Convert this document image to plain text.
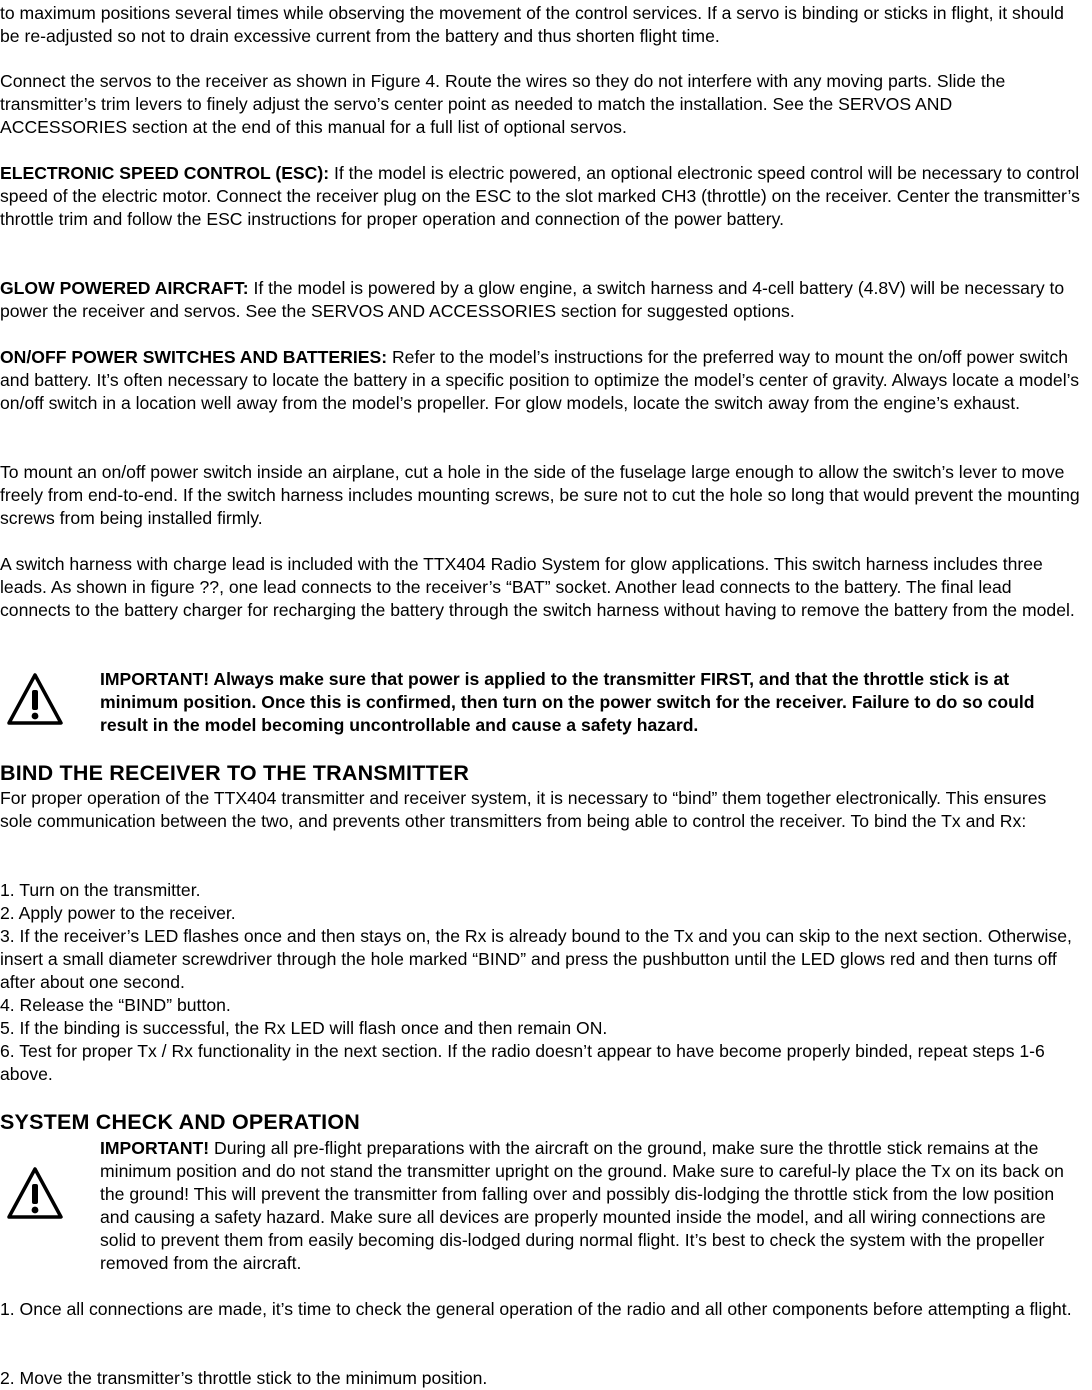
to maximum positions several times while observing the movement of the control services. If a servo is binding or sticks in flight, it should be re-adjusted so not to drain excessive current from the battery and thus shorten flight time.

Connect the servos to the receiver as shown in Figure 4. Route the wires so they do not interfere with any moving parts. Slide the transmitter’s trim levers to finely adjust the servo’s center point as needed to match the installation. See the SERVOS AND ACCESSORIES section at the end of this manual for a full list of optional servos.

ELECTRONIC SPEED CONTROL (ESC): If the model is electric powered, an optional electronic speed control will be necessary to control speed of the electric motor. Connect the receiver plug on the ESC to the slot marked CH3 (throttle) on the receiver. Center the transmitter’s throttle trim and follow the ESC instructions for proper operation and connection of the power battery.

GLOW POWERED AIRCRAFT: If the model is powered by a glow engine, a switch harness and 4-cell battery (4.8V) will be necessary to power the receiver and servos. See the SERVOS AND ACCESSORIES section for suggested options.

ON/OFF POWER SWITCHES AND BATTERIES: Refer to the model’s instructions for the preferred way to mount the on/off power switch and battery. It’s often necessary to locate the battery in a specific position to optimize the model’s center of gravity. Always locate a model’s on/off switch in a location well away from the model’s propeller. For glow models, locate the switch away from the engine’s exhaust.

To mount an on/off power switch inside an airplane, cut a hole in the side of the fuselage large enough to allow the switch’s lever to move freely from end-to-end. If the switch harness includes mounting screws, be sure not to cut the hole so long that would prevent the mounting screws from being installed firmly.

A switch harness with charge lead is included with the TTX404 Radio System for glow applications. This switch harness includes three leads. As shown in figure ??, one lead connects to the receiver’s “BAT” socket. Another lead connects to the battery. The final lead connects to the battery charger for recharging the battery through the switch harness without having to remove the battery from the model.

IMPORTANT! Always make sure that power is applied to the transmitter FIRST, and that the throttle stick is at minimum position. Once this is confirmed, then turn on the power switch for the receiver. Failure to do so could result in the model becoming uncontrollable and cause a safety hazard.

BIND THE RECEIVER TO THE TRANSMITTER

For proper operation of the TTX404 transmitter and receiver system, it is necessary to “bind” them together electronically. This ensures sole communication between the two, and prevents other transmitters from being able to control the receiver. To bind the Tx and Rx:

1. Turn on the transmitter.

2. Apply power to the receiver.

3. If the receiver’s LED flashes once and then stays on, the Rx is already bound to the Tx and you can skip to the next section. Otherwise, insert a small diameter screwdriver through the hole marked “BIND” and press the pushbutton until the LED glows red and then turns off after about one second.

4. Release the “BIND” button.

5. If the binding is successful, the Rx LED will flash once and then remain ON.

6. Test for proper Tx / Rx functionality in the next section. If the radio doesn’t appear to have become properly binded, repeat steps 1-6 above.

SYSTEM CHECK AND OPERATION

IMPORTANT! During all pre-flight preparations with the aircraft on the ground, make sure the throttle stick remains at the minimum position and do not stand the transmitter upright on the ground. Make sure to careful-ly place the Tx on its back on the ground! This will prevent the transmitter from falling over and possibly dis-lodging the throttle stick from the low position and causing a safety hazard. Make sure all devices are properly mounted inside the model, and all wiring connections are solid to prevent them from easily becoming dis-lodged during normal flight. It’s best to check the system with the propeller removed from the aircraft.

1. Once all connections are made, it’s time to check the general operation of the radio and all other components before attempting a flight.

2. Move the transmitter’s throttle stick to the minimum position.
